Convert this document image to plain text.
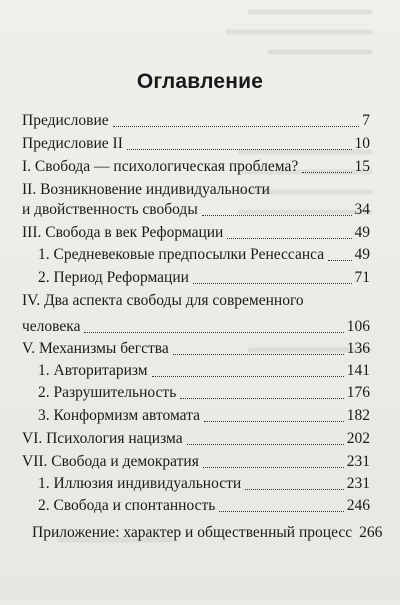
Оглавление
Предисловие	7
Предисловие II	10
I. Свобода — психологическая проблема?	15
II. Возникновение индивидуальности
и двойственность свободы	34
III. Свобода в век Реформации	49
1. Средневековые предпосылки Ренессанса 49
2. Период Реформации	71
IV. Два аспекта свободы для современного
человека	106
V. Механизмы бегства	136
1. Авторитаризм	141
2. Разрушительность	176
3. Конформизм автомата	182
VI. Психология нацизма	202
VII. Свобода и демократия	231
1. Иллюзия индивидуальности	231
2. Свобода и спонтанность	246
Приложение: характер и общественный процесс 266
